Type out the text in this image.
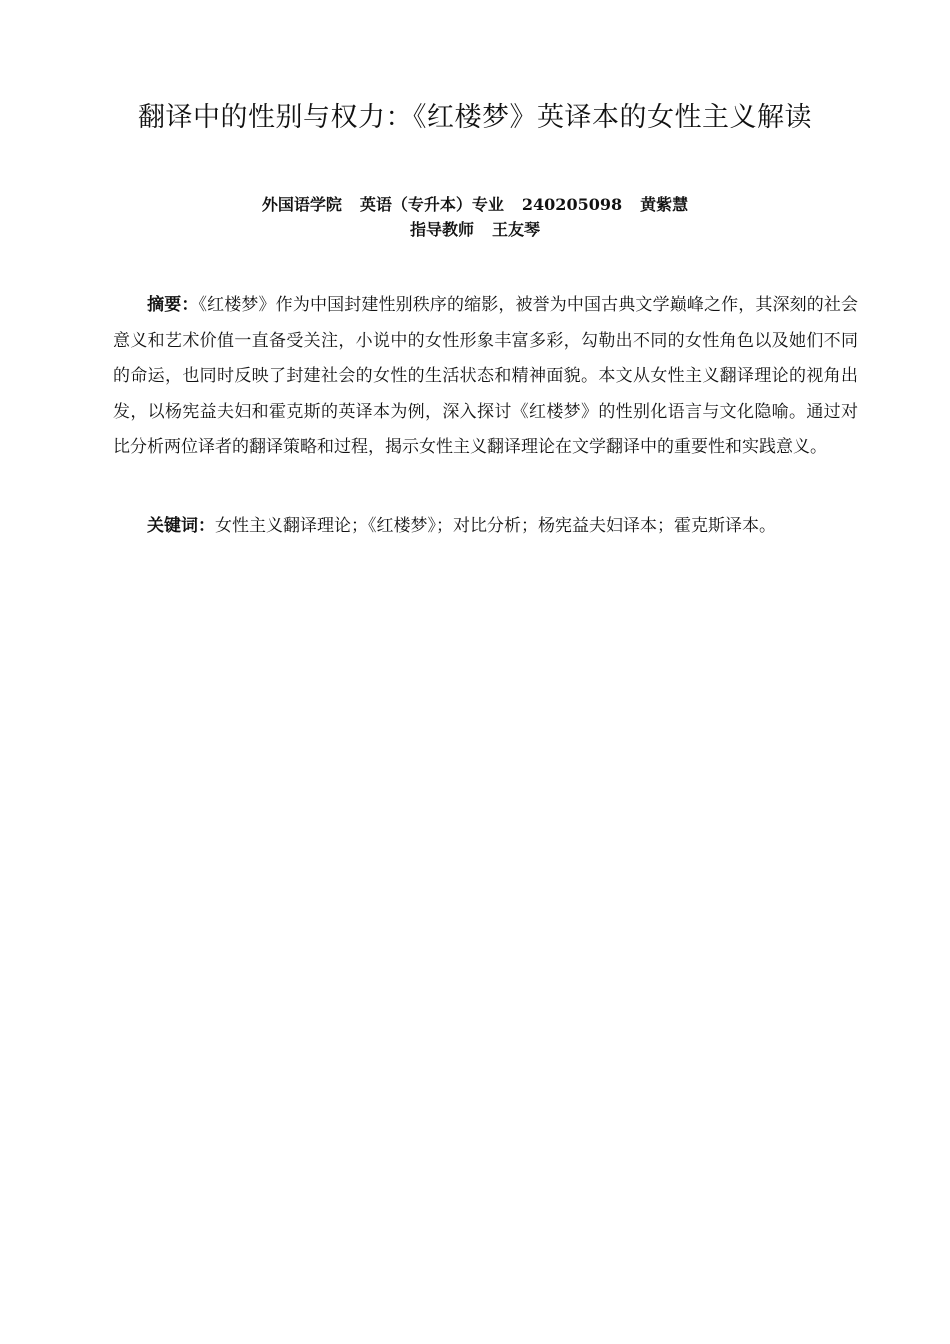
翻译中的性别与权力：《红楼梦》英译本的女性主义解读
外国语学院 英语（专升本）专业 240205098 黄紫慧
指导教师 王友琴

摘要：《红楼梦》作为中国封建性别秩序的缩影，被誉为中国古典文学巅峰之作，其深刻的社会意义和艺术价值一直备受关注，小说中的女性形象丰富多彩，勾勒出不同的女性角色以及她们不同的命运，也同时反映了封建社会的女性的生活状态和精神面貌。本文从女性主义翻译理论的视角出发，以杨宪益夫妇和霍克斯的英译本为例，深入探讨《红楼梦》的性别化语言与文化隐喻。通过对比分析两位译者的翻译策略和过程，揭示女性主义翻译理论在文学翻译中的重要性和实践意义。

关键词：女性主义翻译理论；《红楼梦》；对比分析；杨宪益夫妇译本；霍克斯译本。
